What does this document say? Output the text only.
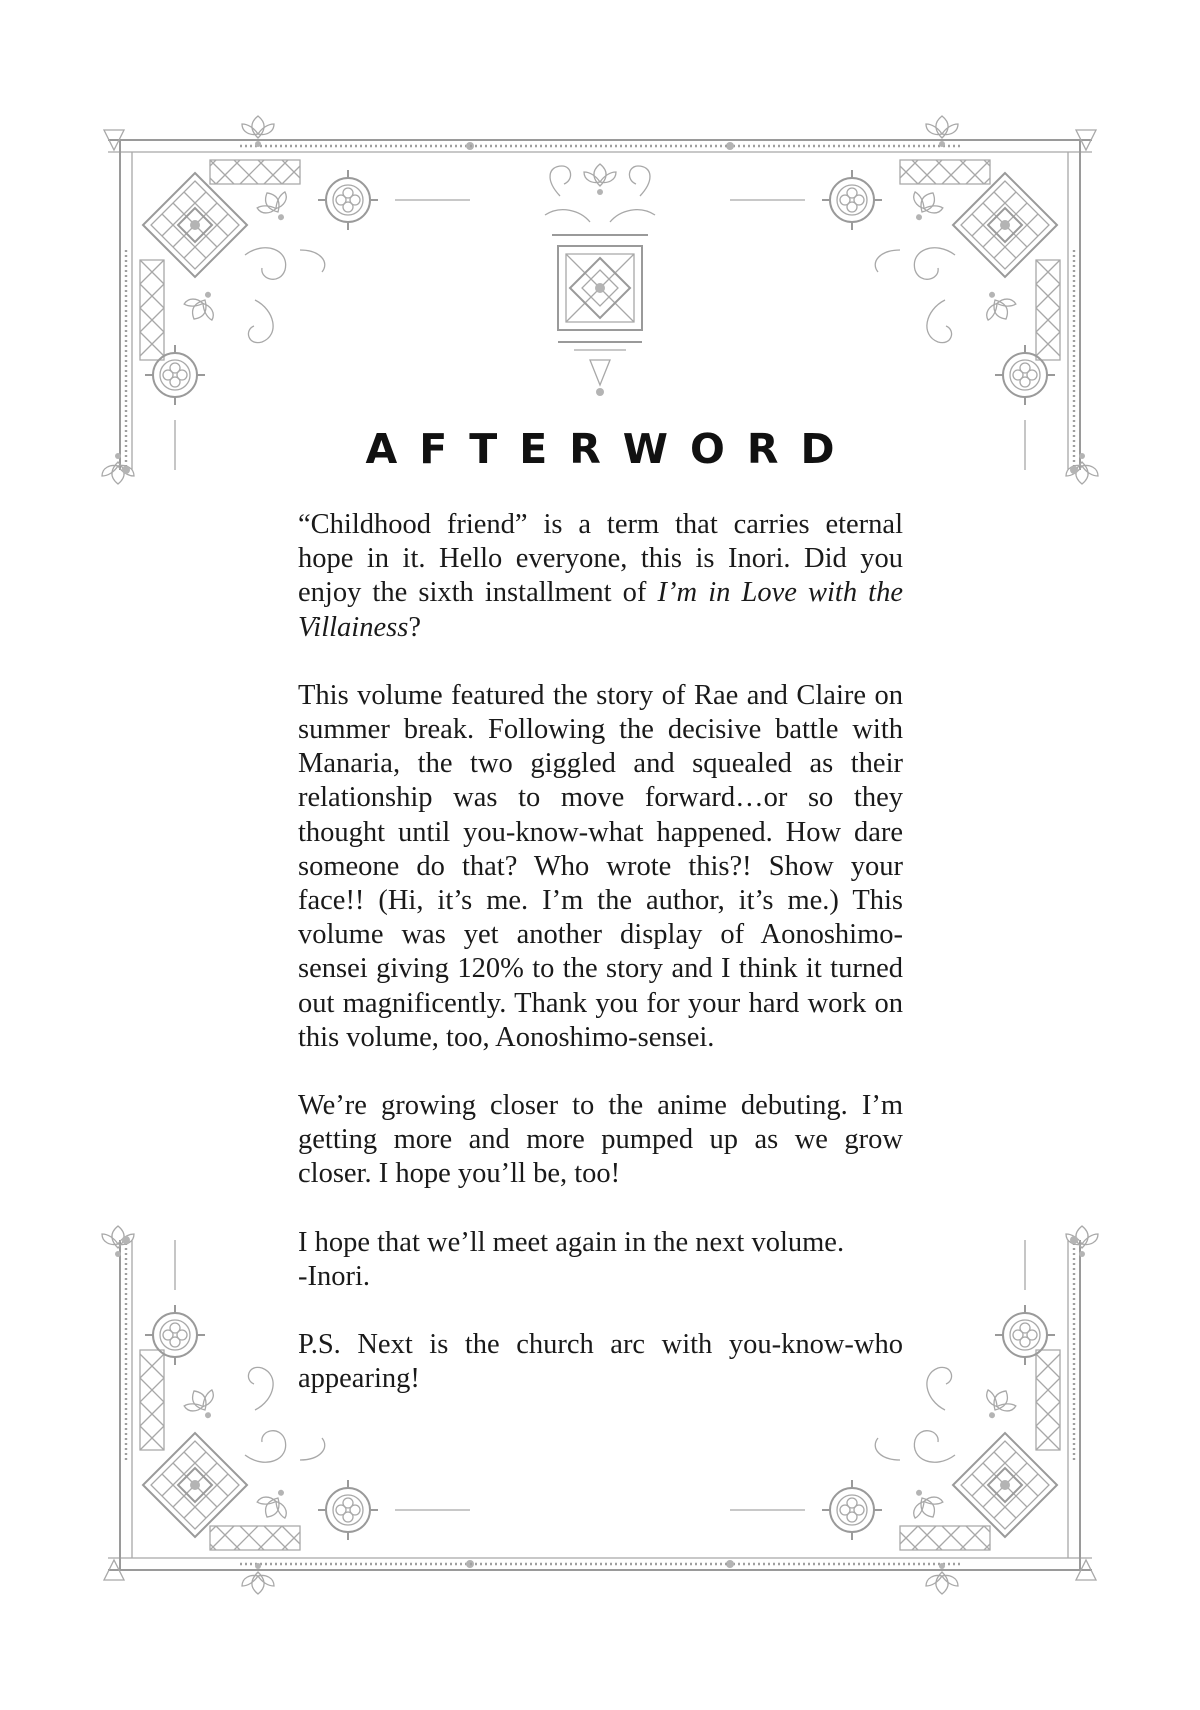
AFTERWORD

“Childhood friend” is a term that carries eternal hope in it. Hello everyone, this is Inori. Did you enjoy the sixth installment of I’m in Love with the Villainess?

This volume featured the story of Rae and Claire on summer break. Following the decisive battle with Manaria, the two giggled and squealed as their relationship was to move forward…or so they thought until you-know-what happened. How dare someone do that? Who wrote this?! Show your face!! (Hi, it’s me. I’m the author, it’s me.) This volume was yet another display of Aonoshimo-sensei giving 120% to the story and I think it turned out magnificently. Thank you for your hard work on this volume, too, Aonoshimo-sensei.

We’re growing closer to the anime debuting. I’m getting more and more pumped up as we grow closer. I hope you’ll be, too!

I hope that we’ll meet again in the next volume.
-Inori.

P.S. Next is the church arc with you-know-who appearing!
